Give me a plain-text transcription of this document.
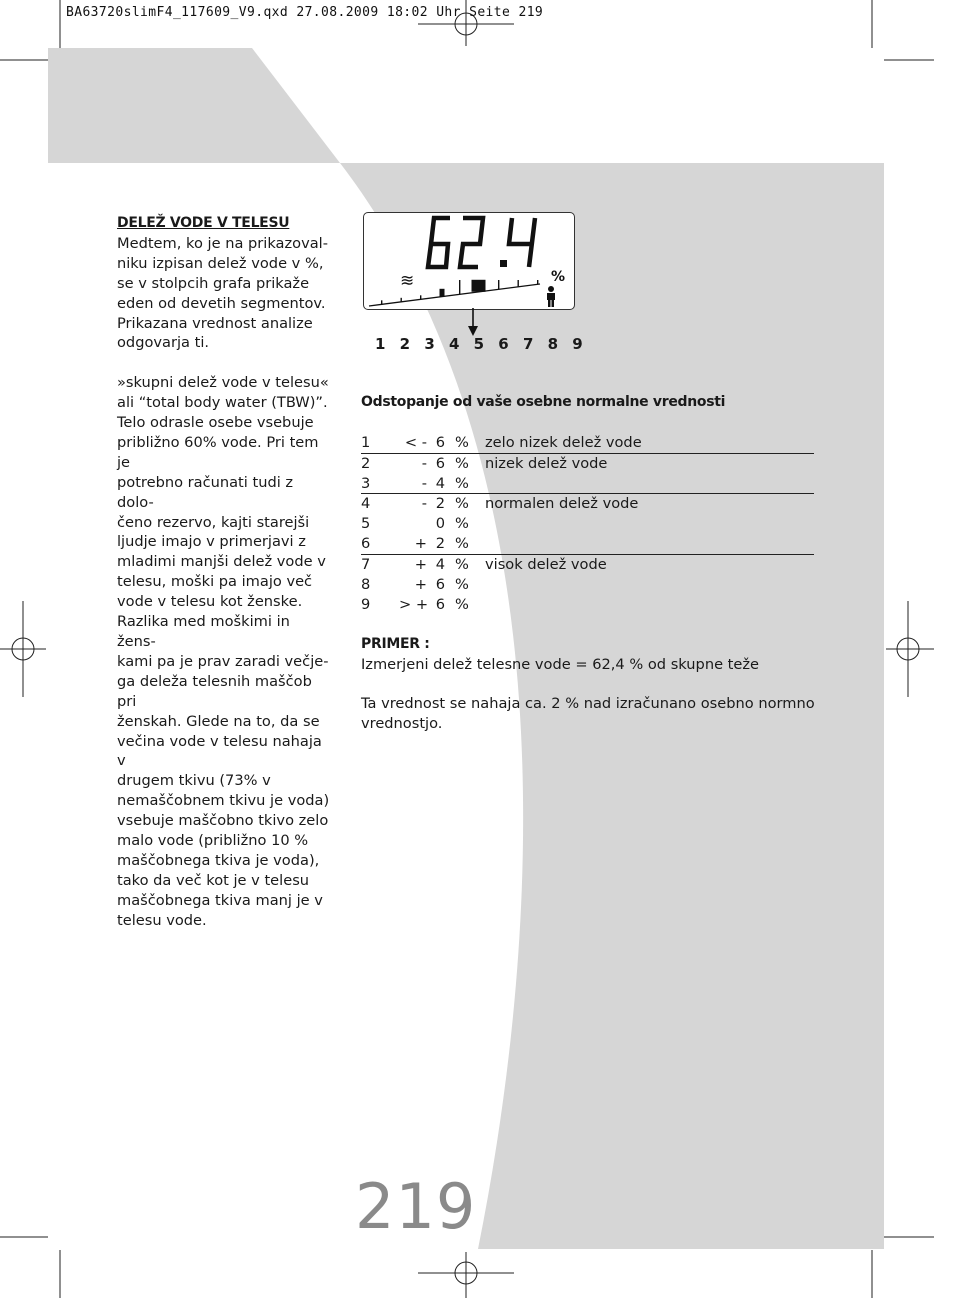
BA63720slimF4_117609_V9.qxd 27.08.2009 18:02 Uhr Seite 219
DELEŽ VODE V TELESU

Medtem, ko je na prikazoval-
niku izpisan delež vode v %,
se v stolpcih grafa prikaže
eden od devetih segmentov.
Prikazana vrednost analize
odgovarja ti.

»skupni delež vode v telesu«
ali “total body water (TBW)”.
Telo odrasle osebe vsebuje
približno 60% vode. Pri tem je
potrebno računati tudi z dolo-
čeno rezervo, kajti starejši
ljudje imajo v primerjavi z
mladimi manjši delež vode v
telesu, moški pa imajo več
vode v telesu kot ženske.
Razlika med moškimi in žens-
kami pa je prav zaradi večje-
ga deleža telesnih maščob pri
ženskah. Glede na to, da se
večina vode v telesu nahaja v
drugem tkivu (73% v
nemaščobnem tkivu je voda)
vsebuje maščobno tkivo zelo
malo vode (približno 10 %
maščobnega tkiva je voda),
tako da več kot je v telesu
maščobnega tkiva manj je v
telesu vode.

≋	%
1 2 3 4 5 6 7 8 9
Odstopanje od vaše osebne normalne vrednosti
1	< - 6 % zelo nizek delež vode
2	- 6 % nizek delež vode
3	- 4 %
4	- 2 % normalen delež vode
5	0 %
6	+ 2 %
7	+ 4 % visok delež vode
8	+ 6 %
9 > + 6 %
PRIMER :

Izmerjeni delež telesne vode = 62,4 % od skupne teže

Ta vrednost se nahaja ca. 2 % nad izračunano osebno normno
vrednostjo.

219
